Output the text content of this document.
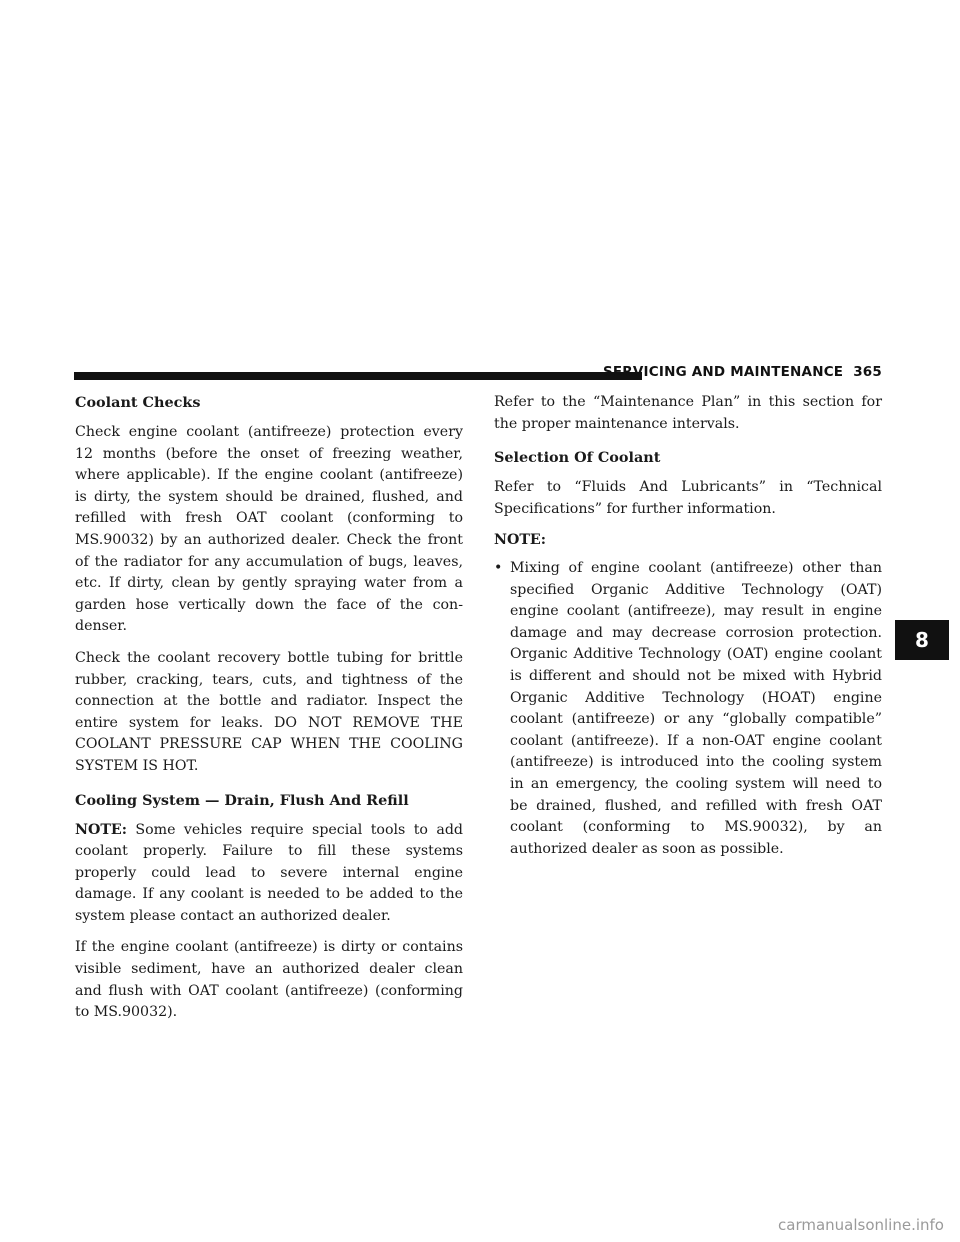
SERVICING AND MAINTENANCE 365
Coolant Checks

Check engine coolant (antifreeze) protection every 12 months (before the onset of freezing weather, where applicable). If the engine coolant (antifreeze) is dirty, the system should be drained, flushed, and refilled with fresh OAT coolant (conforming to MS.90032) by an authorized dealer. Check the front of the radiator for any accumulation of bugs, leaves, etc. If dirty, clean by gently spraying water from a garden hose vertically down the face of the condenser.

Check the coolant recovery bottle tubing for brittle rubber, cracking, tears, cuts, and tightness of the connection at the bottle and radiator. Inspect the entire system for leaks. DO NOT REMOVE THE COOLANT PRESSURE CAP WHEN THE COOLING SYSTEM IS HOT.

Cooling System — Drain, Flush And Refill

NOTE: Some vehicles require special tools to add coolant properly. Failure to fill these systems properly could lead to severe internal engine damage. If any coolant is needed to be added to the system please contact an authorized dealer.

If the engine coolant (antifreeze) is dirty or contains visible sediment, have an authorized dealer clean and flush with OAT coolant (antifreeze) (conforming to MS.90032).

Refer to the “Maintenance Plan” in this section for the proper maintenance intervals.

Selection Of Coolant

Refer to “Fluids And Lubricants” in “Technical Specifications” for further information.

NOTE:
• Mixing of engine coolant (antifreeze) other than specified Organic Additive Technology (OAT) engine coolant (antifreeze), may result in engine damage and may decrease corrosion protection. Organic Additive Technology (OAT) engine coolant is different and should not be mixed with Hybrid Organic Additive Technology (HOAT) engine coolant (antifreeze) or any “globally compatible” coolant (antifreeze). If a non-OAT engine coolant (antifreeze) is introduced into the cooling system in an emergency, the cooling system will need to be drained, flushed, and refilled with fresh OAT coolant (conforming to MS.90032), by an authorized dealer as soon as possible.
8
carmanualsonline.info
